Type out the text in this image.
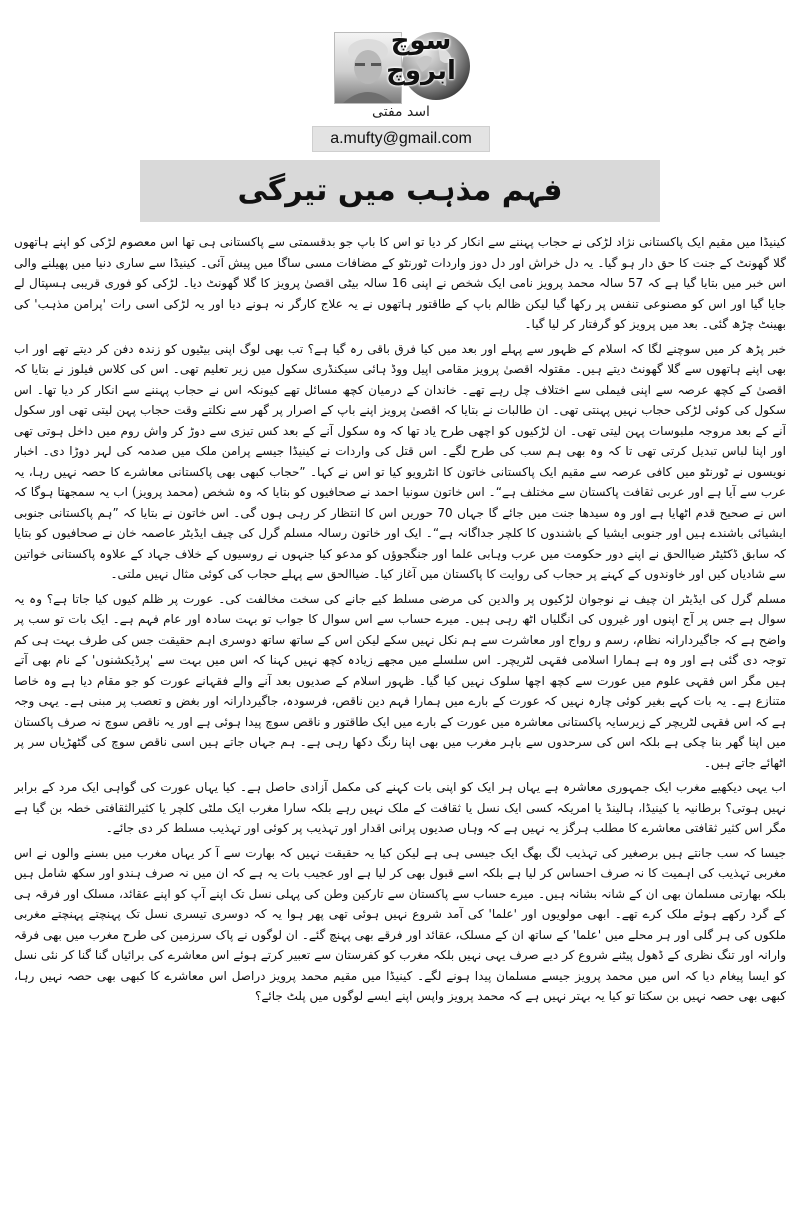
سوچ ابروچ
اسد مفتی
a.mufty@gmail.com
فہم مذہب میں تیرگی

کینیڈا میں مقیم ایک پاکستانی نژاد لڑکی نے حجاب پہننے سے انکار کر دیا تو اس کا باپ جو بدقسمتی سے پاکستانی ہی تھا اس معصوم لڑکی کو اپنے ہاتھوں گلا گھونٹ کے جنت کا حق دار ہو گیا۔ یہ دل خراش اور دل دوز واردات ٹورنٹو کے مضافات مسی ساگا میں پیش آئی۔ کینیڈا سے ساری دنیا میں پھیلنے والی اس خبر میں بتایا گیا ہے کہ 57 سالہ محمد پرویز نامی ایک شخص نے اپنی 16 سالہ بیٹی اقصیٰ پرویز کا گلا گھونٹ دیا۔ لڑکی کو فوری قریبی ہسپتال لے جایا گیا اور اس کو مصنوعی تنفس پر رکھا گیا لیکن ظالم باپ کے طاقتور ہاتھوں نے یہ علاج کارگر نہ ہونے دیا اور یہ لڑکی اسی رات 'پرامن مذہب' کی بھینٹ چڑھ گئی۔ بعد میں پرویز کو گرفتار کر لیا گیا۔

خبر پڑھ کر میں سوچنے لگا کہ اسلام کے ظہور سے پہلے اور بعد میں کیا فرق باقی رہ گیا ہے؟ تب بھی لوگ اپنی بیٹیوں کو زندہ دفن کر دیتے تھے اور اب بھی اپنے ہاتھوں سے گلا گھونٹ دیتے ہیں۔ مقتولہ اقصیٰ پرویز مقامی اپیل ووڈ ہائی سیکنڈری سکول میں زیر تعلیم تھی۔ اس کی کلاس فیلوز نے بتایا کہ اقصیٰ کے کچھ عرصہ سے اپنی فیملی سے اختلاف چل رہے تھے۔ خاندان کے درمیان کچھ مسائل تھے کیونکہ اس نے حجاب پہننے سے انکار کر دیا تھا۔ اس سکول کی کوئی لڑکی حجاب نہیں پہنتی تھی۔ ان طالبات نے بتایا کہ اقصیٰ پرویز اپنے باپ کے اصرار پر گھر سے نکلتے وقت حجاب پہن لیتی تھی اور سکول آنے کے بعد مروجہ ملبوسات پہن لیتی تھی۔ ان لڑکیوں کو اچھی طرح یاد تھا کہ وہ سکول آنے کے بعد کس تیزی سے دوڑ کر واش روم میں داخل ہوتی تھی اور اپنا لباس تبدیل کرتی تھی تا کہ وہ بھی ہم سب کی طرح لگے۔ اس قتل کی واردات نے کینیڈا جیسے پرامن ملک میں صدمہ کی لہر دوڑا دی۔ اخبار نویسوں نے ٹورنٹو میں کافی عرصہ سے مقیم ایک پاکستانی خاتون کا انٹرویو کیا تو اس نے کہا۔ ”حجاب کبھی بھی پاکستانی معاشرے کا حصہ نہیں رہا، یہ عرب سے آیا ہے اور عربی ثقافت پاکستان سے مختلف ہے“۔ اس خاتون سونیا احمد نے صحافیوں کو بتایا کہ وہ شخص (محمد پرویز) اب یہ سمجھتا ہوگا کہ اس نے صحیح قدم اٹھایا ہے اور وہ سیدھا جنت میں جائے گا جہاں 70 حوریں اس کا انتظار کر رہی ہوں گی۔ اس خاتون نے بتایا کہ ”ہم پاکستانی جنوبی ایشیائی باشندے ہیں اور جنوبی ایشیا کے باشندوں کا کلچر جداگانہ ہے“۔ ایک اور خاتون رسالہ مسلم گرل کی چیف ایڈیٹر عاصمہ خان نے صحافیوں کو بتایا کہ سابق ڈکٹیٹر ضیاالحق نے اپنے دور حکومت میں عرب وہابی علما اور جنگجوؤں کو مدعو کیا جنہوں نے روسیوں کے خلاف جہاد کے علاوہ پاکستانی خواتین سے شادیاں کیں اور خاوندوں کے کہنے پر حجاب کی روایت کا پاکستان میں آغاز کیا۔ ضیاالحق سے پہلے حجاب کی کوئی مثال نہیں ملتی۔

مسلم گرل کی ایڈیٹر ان چیف نے نوجوان لڑکیوں پر والدین کی مرضی مسلط کیے جانے کی سخت مخالفت کی۔ عورت پر ظلم کیوں کیا جاتا ہے؟ وہ یہ سوال ہے جس پر آج اپنوں اور غیروں کی انگلیاں اٹھ رہی ہیں۔ میرے حساب سے اس سوال کا جواب تو بہت سادہ اور عام فہم ہے۔ ایک بات تو سب پر واضح ہے کہ جاگیردارانہ نظام، رسم و رواج اور معاشرت سے ہم نکل نہیں سکے لیکن اس کے ساتھ ساتھ دوسری اہم حقیقت جس کی طرف بہت ہی کم توجہ دی گئی ہے اور وہ ہے ہمارا اسلامی فقہی لٹریچر۔ اس سلسلے میں مجھے زیادہ کچھ نہیں کہنا کہ اس میں بہت سے 'پرڈیکشنوں' کے نام بھی آتے ہیں مگر اس فقہی علوم میں عورت سے کچھ اچھا سلوک نہیں کیا گیا۔ ظہور اسلام کے صدیوں بعد آنے والے فقہانے عورت کو جو مقام دیا ہے وہ خاصا متنازع ہے۔ یہ بات کہے بغیر کوئی چارہ نہیں کہ عورت کے بارے میں ہمارا فہم دین ناقص، فرسودہ، جاگیردارانہ اور بغض و تعصب پر مبنی ہے۔ یہی وجہ ہے کہ اس فقہی لٹریچر کے زیرسایہ پاکستانی معاشرہ میں عورت کے بارے میں ایک طاقتور و ناقص سوچ پیدا ہوئی ہے اور یہ ناقص سوچ نہ صرف پاکستان میں اپنا گھر بنا چکی ہے بلکہ اس کی سرحدوں سے باہر مغرب میں بھی اپنا رنگ دکھا رہی ہے۔ ہم جہاں جاتے ہیں اسی ناقص سوچ کی گٹھڑیاں سر پر اٹھائے جاتے ہیں۔

اب یہی دیکھیے مغرب ایک جمہوری معاشرہ ہے یہاں ہر ایک کو اپنی بات کہنے کی مکمل آزادی حاصل ہے۔ کیا یہاں عورت کی گواہی ایک مرد کے برابر نہیں ہوتی؟ برطانیہ یا کینیڈا، ہالینڈ یا امریکہ کسی ایک نسل یا ثقافت کے ملک نہیں رہے بلکہ سارا مغرب ایک ملٹی کلچر یا کثیرالثقافتی خطہ بن گیا ہے مگر اس کثیر ثقافتی معاشرے کا مطلب ہرگز یہ نہیں ہے کہ وہاں صدیوں پرانی اقدار اور تہذیب پر کوئی اور تہذیب مسلط کر دی جائے۔

جیسا کہ سب جانتے ہیں برصغیر کی تہذیب لگ بھگ ایک جیسی ہی ہے لیکن کیا یہ حقیقت نہیں کہ بھارت سے آ کر یہاں مغرب میں بسنے والوں نے اس مغربی تہذیب کی اہمیت کا نہ صرف احساس کر لیا ہے بلکہ اسے قبول بھی کر لیا ہے اور عجیب بات یہ ہے کہ ان میں نہ صرف ہندو اور سکھ شامل ہیں بلکہ بھارتی مسلمان بھی ان کے شانہ بشانہ ہیں۔ میرے حساب سے پاکستان سے تارکین وطن کی پہلی نسل تک اپنے آپ کو اپنے عقائد، مسلک اور فرقہ ہی کے گرد رکھے ہوئے ملک کرے تھے۔ ابھی مولویوں اور 'علما' کی آمد شروع نہیں ہوئی تھی پھر ہوا یہ کہ دوسری تیسری نسل تک پہنچتے پہنچتے مغربی ملکوں کی ہر گلی اور ہر محلے میں 'علما' کے ساتھ ان کے مسلک، عقائد اور فرقے بھی پہنچ گئے۔ ان لوگوں نے پاک سرزمین کی طرح مغرب میں بھی فرقہ وارانہ اور تنگ نظری کے ڈھول پیٹنے شروع کر دیے صرف یہی نہیں بلکہ مغرب کو کفرستان سے تعبیر کرتے ہوئے اس معاشرے کی برائیاں گنا گنا کر نئی نسل کو ایسا پیغام دیا کہ اس میں محمد پرویز جیسے مسلمان پیدا ہونے لگے۔ کینیڈا میں مقیم محمد پرویز دراصل اس معاشرے کا کبھی بھی حصہ نہیں رہا، کبھی بھی حصہ نہیں بن سکتا تو کیا یہ بہتر نہیں ہے کہ محمد پرویز واپس اپنے ایسے لوگوں میں پلٹ جائے؟
